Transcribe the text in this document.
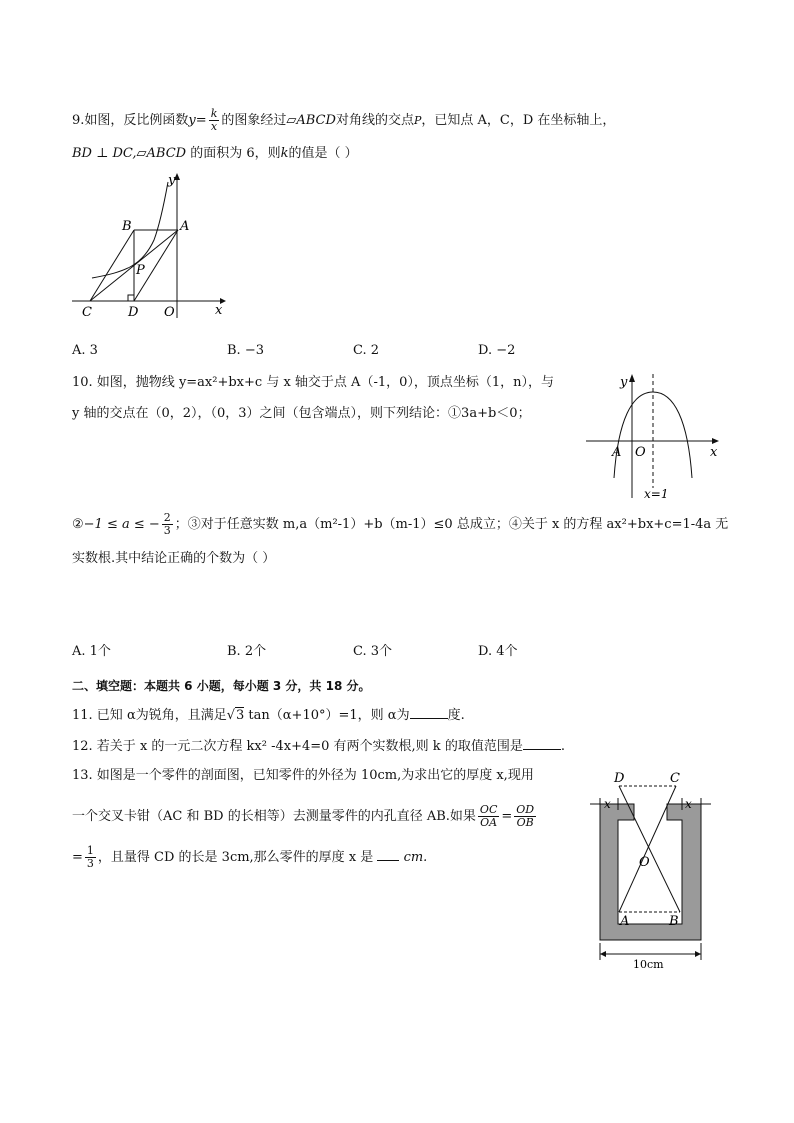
9.如图，反比例函数$y= \frac{k}{x}$ 的图象经过▱ABCD对角线的交点P，已知点 A，C，D 在坐标轴上，
BD ⊥ DC,▱ABCD 的面积为 6，则k的值是（ ）
y
x
A
B
C	D O
P
A. 3	B. −3	C. 2	D. −2
10. 如图，抛物线 y=ax²+bx+c 与 x 轴交于点 A（-1，0），顶点坐标（1，n），与
y 轴的交点在（0，2），（0，3）之间（包含端点），则下列结论：①3a+b＜0；
y
x
A O
x=1
②−1 ≤ a ≤ − $\frac{2}{3}$ ；③对于任意实数 m,a（m²-1）+b（m-1）≤0 总成立；④关于 x 的方程 ax²+bx+c=1-4a 无
实数根.其中结论正确的个数为（ ）
A. 1个	B. 2个	C. 3个	D. 4个
二、填空题：本题共 6 小题，每小题 3 分，共 18 分。
11. 已知 α为锐角，且满足√3 tan（α+10°）=1，则 α为	度.
12. 若关于 x 的一元二次方程 kx² -4x+4=0 有两个实数根,则 k 的取值范围是	.
13. 如图是一个零件的剖面图，已知零件的外径为 10cm,为求出它的厚度 x,现用
一个交叉卡钳（AC 和 BD 的长相等）去测量零件的内孔直径 AB.如果 $\frac{OC}{OA} = \frac{OD}{OB}$
= $\frac{1}{3}$ ，且量得 CD 的长是 3cm,那么零件的厚度 x 是 cm.
D	C
O
A	B
x	x
10cm
